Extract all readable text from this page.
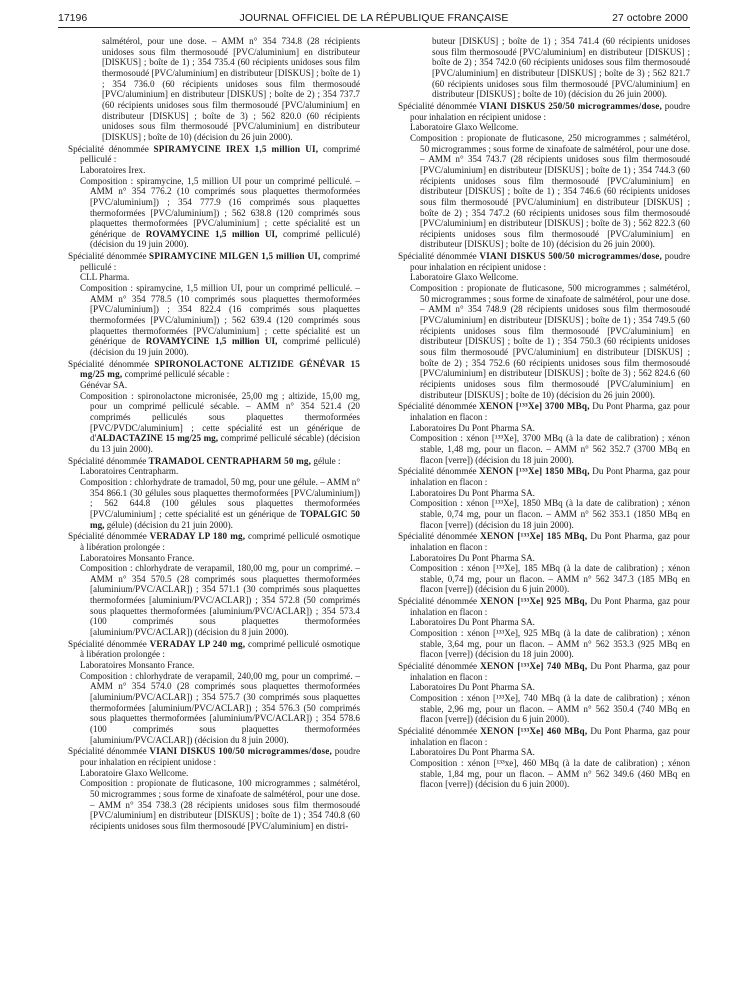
17196	JOURNAL OFFICIEL DE LA RÉPUBLIQUE FRANÇAISE	27 octobre 2000

salmétérol, pour une dose. – AMM n° 354 734.8 (28 récipients unidoses sous film thermosoudé [PVC/aluminium] en distributeur [DISKUS] ; boîte de 1) ; 354 735.4 (60 récipients unidoses sous film thermosoudé [PVC/aluminium] en distributeur [DISKUS] ; boîte de 1) ; 354 736.0 (60 récipients unidoses sous film thermosoudé [PVC/aluminium] en distributeur [DISKUS] ; boîte de 2) ; 354 737.7 (60 récipients unidoses sous film thermosoudé [PVC/aluminium] en distributeur [DISKUS] ; boîte de 3) ; 562 820.0 (60 récipients unidoses sous film thermosoudé [PVC/aluminium] en distributeur [DISKUS] ; boîte de 10) (décision du 26 juin 2000).

Spécialité dénommée SPIRAMYCINE IREX 1,5 million UI, comprimé pelliculé :

Laboratoires Irex.

Composition : spiramycine, 1,5 million UI pour un comprimé pelliculé. – AMM n° 354 776.2 (10 comprimés sous plaquettes thermoformées [PVC/aluminium]) ; 354 777.9 (16 comprimés sous plaquettes thermoformées [PVC/aluminium]) ; 562 638.8 (120 comprimés sous plaquettes thermoformées [PVC/aluminium] ; cette spécialité est un générique de ROVAMYCINE 1,5 million UI, comprimé pelliculé) (décision du 19 juin 2000).

Spécialité dénommée SPIRAMYCINE MILGEN 1,5 million UI, comprimé pelliculé :

CLL Pharma.

Composition : spiramycine, 1,5 million UI, pour un comprimé pelliculé. – AMM n° 354 778.5 (10 comprimés sous plaquettes thermoformées [PVC/aluminium]) ; 354 822.4 (16 comprimés sous plaquettes thermoformées [PVC/aluminium]) ; 562 639.4 (120 comprimés sous plaquettes thermoformées [PVC/aluminium] ; cette spécialité est un générique de ROVAMYCINE 1,5 million UI, comprimé pelliculé) (décision du 19 juin 2000).

Spécialité dénommée SPIRONOLACTONE ALTIZIDE GÉNÉVAR 15 mg/25 mg, comprimé pelliculé sécable :

Génévar SA.

Composition : spironolactone micronisée, 25,00 mg ; altizide, 15,00 mg, pour un comprimé pelliculé sécable. – AMM n° 354 521.4 (20 comprimés pelliculés sous plaquettes thermoformées [PVC/PVDC/aluminium] ; cette spécialité est un générique de d'ALDACTAZINE 15 mg/25 mg, comprimé pelliculé sécable) (décision du 13 juin 2000).

Spécialité dénommée TRAMADOL CENTRAPHARM 50 mg, gélule :

Laboratoires Centrapharm.

Composition : chlorhydrate de tramadol, 50 mg, pour une gélule. – AMM n° 354 866.1 (30 gélules sous plaquettes thermoformées [PVC/aluminium]) ; 562 644.8 (100 gélules sous plaquettes thermoformées [PVC/aluminium] ; cette spécialité est un générique de TOPALGIC 50 mg, gélule) (décision du 21 juin 2000).

Spécialité dénommée VERADAY LP 180 mg, comprimé pelliculé osmotique à libération prolongée :

Laboratoires Monsanto France.

Composition : chlorhydrate de verapamil, 180,00 mg, pour un comprimé. – AMM n° 354 570.5 (28 comprimés sous plaquettes thermoformées [aluminium/PVC/ACLAR]) ; 354 571.1 (30 comprimés sous plaquettes thermoformées [aluminium/PVC/ACLAR]) ; 354 572.8 (50 comprimés sous plaquettes thermoformées [aluminium/PVC/ACLAR]) ; 354 573.4 (100 comprimés sous plaquettes thermoformées [aluminium/PVC/ACLAR]) (décision du 8 juin 2000).

Spécialité dénommée VERADAY LP 240 mg, comprimé pelliculé osmotique à libération prolongée :

Laboratoires Monsanto France.

Composition : chlorhydrate de verapamil, 240,00 mg, pour un comprimé. – AMM n° 354 574.0 (28 comprimés sous plaquettes thermoformées [aluminium/PVC/ACLAR]) ; 354 575.7 (30 comprimés sous plaquettes thermoformées [aluminium/PVC/ACLAR]) ; 354 576.3 (50 comprimés sous plaquettes thermoformées [aluminium/PVC/ACLAR]) ; 354 578.6 (100 comprimés sous plaquettes thermoformées [aluminium/PVC/ACLAR]) (décision du 8 juin 2000).

Spécialité dénommée VIANI DISKUS 100/50 microgrammes/dose, poudre pour inhalation en récipient unidose :

Laboratoire Glaxo Wellcome.

Composition : propionate de fluticasone, 100 microgrammes ; salmétérol, 50 microgrammes ; sous forme de xinafoate de salmétérol, pour une dose. – AMM n° 354 738.3 (28 récipients unidoses sous film thermosoudé [PVC/aluminium] en distributeur [DISKUS] ; boîte de 1) ; 354 740.8 (60 récipients unidoses sous film thermosoudé [PVC/aluminium] en distri-

buteur [DISKUS] ; boîte de 1) ; 354 741.4 (60 récipients unidoses sous film thermosoudé [PVC/aluminium] en distributeur [DISKUS] ; boîte de 2) ; 354 742.0 (60 récipients unidoses sous film thermosoudé [PVC/aluminium] en distributeur [DISKUS] ; boîte de 3) ; 562 821.7 (60 récipients unidoses sous film thermosoudé [PVC/aluminium] en distributeur [DISKUS] ; boîte de 10) (décision du 26 juin 2000).

Spécialité dénommée VIANI DISKUS 250/50 microgrammes/dose, poudre pour inhalation en récipient unidose :

Laboratoire Glaxo Wellcome.

Composition : propionate de fluticasone, 250 microgrammes ; salmétérol, 50 microgrammes ; sous forme de xinafoate de salmétérol, pour une dose. – AMM n° 354 743.7 (28 récipients unidoses sous film thermosoudé [PVC/aluminium] en distributeur [DISKUS] ; boîte de 1) ; 354 744.3 (60 récipients unidoses sous film thermosoudé [PVC/aluminium] en distributeur [DISKUS] ; boîte de 1) ; 354 746.6 (60 récipients unidoses sous film thermosoudé [PVC/aluminium] en distributeur [DISKUS] ; boîte de 2) ; 354 747.2 (60 récipients unidoses sous film thermosoudé [PVC/aluminium] en distributeur [DISKUS] ; boîte de 3) ; 562 822.3 (60 récipients unidoses sous film thermosoudé [PVC/aluminium] en distributeur [DISKUS] ; boîte de 10) (décision du 26 juin 2000).

Spécialité dénommée VIANI DISKUS 500/50 microgrammes/dose, poudre pour inhalation en récipient unidose :

Laboratoire Glaxo Wellcome.

Composition : propionate de fluticasone, 500 microgrammes ; salmétérol, 50 microgrammes ; sous forme de xinafoate de salmétérol, pour une dose. – AMM n° 354 748.9 (28 récipients unidoses sous film thermosoudé [PVC/aluminium] en distributeur [DISKUS] ; boîte de 1) ; 354 749.5 (60 récipients unidoses sous film thermosoudé [PVC/aluminium] en distributeur [DISKUS] ; boîte de 1) ; 354 750.3 (60 récipients unidoses sous film thermosoudé [PVC/aluminium] en distributeur [DISKUS] ; boîte de 2) ; 354 752.6 (60 récipients unidoses sous film thermosoudé [PVC/aluminium] en distributeur [DISKUS] ; boîte de 3) ; 562 824.6 (60 récipients unidoses sous film thermosoudé [PVC/aluminium] en distributeur [DISKUS] ; boîte de 10) (décision du 26 juin 2000).

Spécialité dénommée XENON [¹³³Xe] 3700 MBq, Du Pont Pharma, gaz pour inhalation en flacon :

Laboratoires Du Pont Pharma SA.

Composition : xénon [¹³³Xe], 3700 MBq (à la date de calibration) ; xénon stable, 1,48 mg, pour un flacon. – AMM n° 562 352.7 (3700 MBq en flacon [verre]) (décision du 18 juin 2000).

Spécialité dénommée XENON [¹³³Xe] 1850 MBq, Du Pont Pharma, gaz pour inhalation en flacon :

Laboratoires Du Pont Pharma SA.

Composition : xénon [¹³³Xe], 1850 MBq (à la date de calibration) ; xénon stable, 0,74 mg, pour un flacon. – AMM n° 562 353.1 (1850 MBq en flacon [verre]) (décision du 18 juin 2000).

Spécialité dénommée XENON [¹³³Xe] 185 MBq, Du Pont Pharma, gaz pour inhalation en flacon :

Laboratoires Du Pont Pharma SA.

Composition : xénon [¹³³Xe], 185 MBq (à la date de calibration) ; xénon stable, 0,74 mg, pour un flacon. – AMM n° 562 347.3 (185 MBq en flacon [verre]) (décision du 6 juin 2000).

Spécialité dénommée XENON [¹³³Xe] 925 MBq, Du Pont Pharma, gaz pour inhalation en flacon :

Laboratoires Du Pont Pharma SA.

Composition : xénon [¹³³Xe], 925 MBq (à la date de calibration) ; xénon stable, 3,64 mg, pour un flacon. – AMM n° 562 353.3 (925 MBq en flacon [verre]) (décision du 18 juin 2000).

Spécialité dénommée XENON [¹³³Xe] 740 MBq, Du Pont Pharma, gaz pour inhalation en flacon :

Laboratoires Du Pont Pharma SA.

Composition : xénon [¹³³Xe], 740 MBq (à la date de calibration) ; xénon stable, 2,96 mg, pour un flacon. – AMM n° 562 350.4 (740 MBq en flacon [verre]) (décision du 6 juin 2000).

Spécialité dénommée XENON [¹³³Xe] 460 MBq, Du Pont Pharma, gaz pour inhalation en flacon :

Laboratoires Du Pont Pharma SA.

Composition : xénon [¹³³xe], 460 MBq (à la date de calibration) ; xénon stable, 1,84 mg, pour un flacon. – AMM n° 562 349.6 (460 MBq en flacon [verre]) (décision du 6 juin 2000).
